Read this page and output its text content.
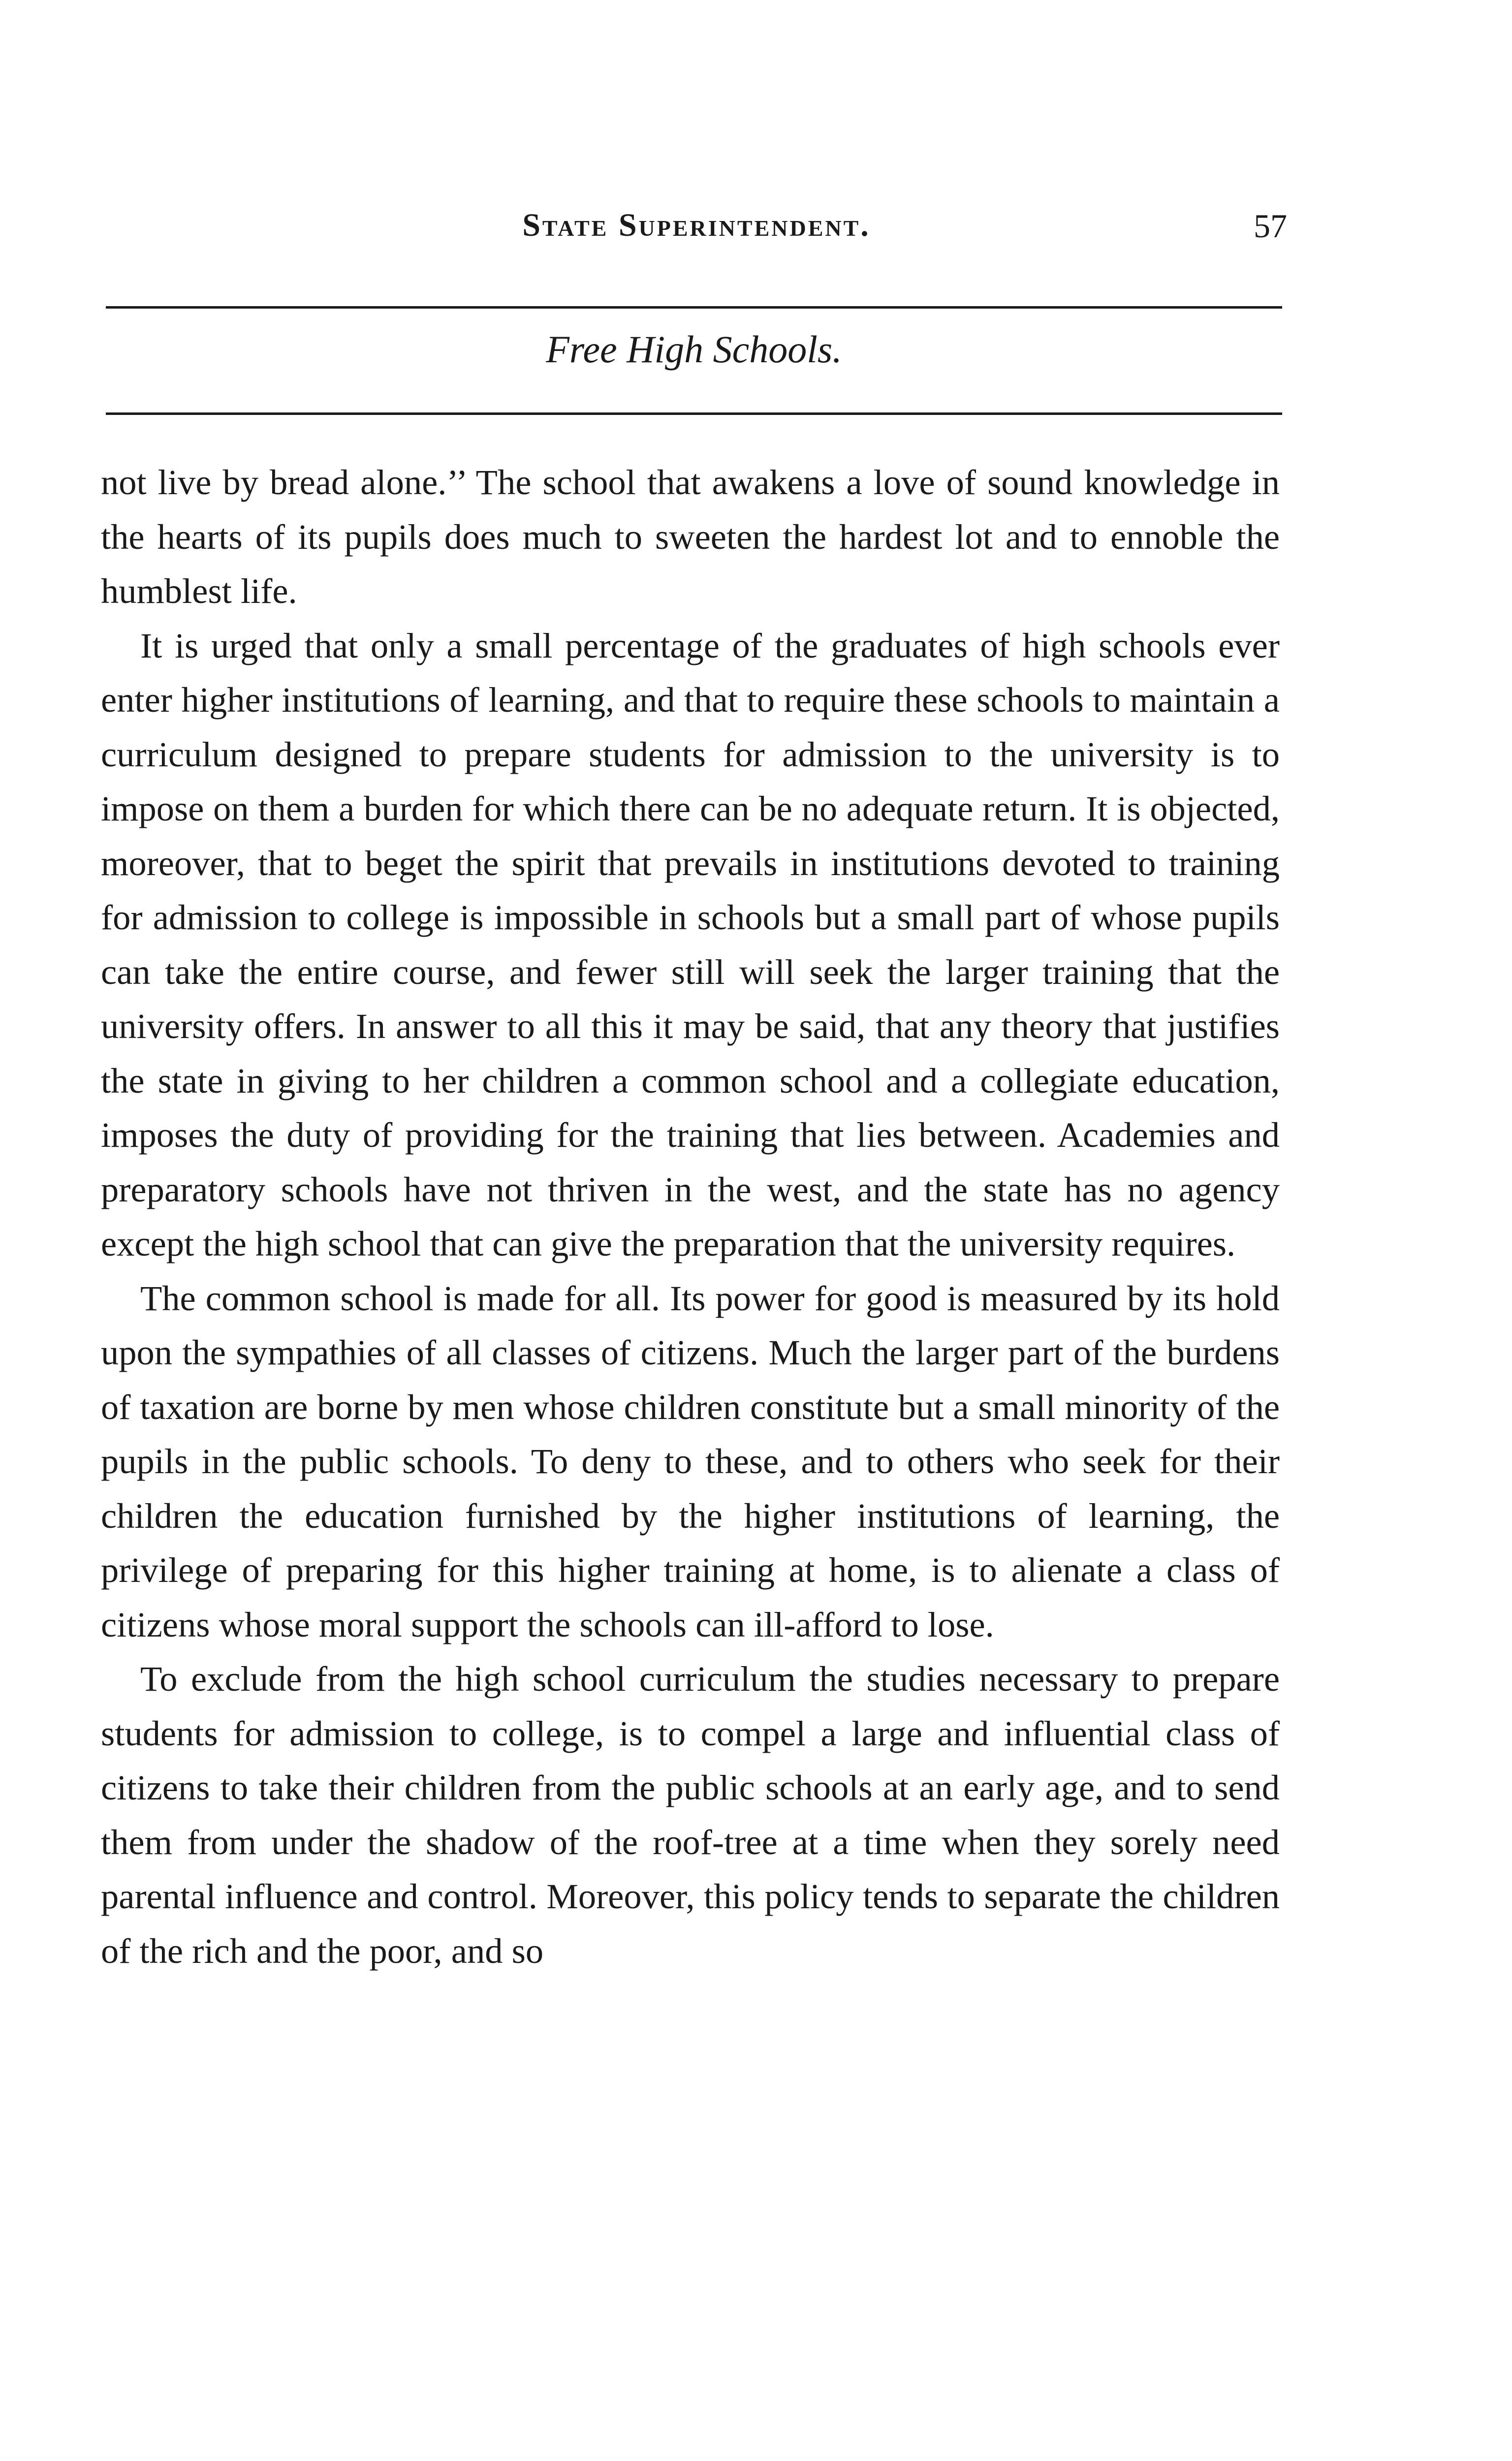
State Superintendent.	57
Free High Schools.

not live by bread alone.’’ The school that awakens a love of sound knowledge in the hearts of its pupils does much to sweeten the hardest lot and to ennoble the humblest life.

It is urged that only a small percentage of the graduates of high schools ever enter higher institutions of learning, and that to require these schools to maintain a curriculum designed to prepare students for admission to the university is to impose on them a burden for which there can be no adequate return. It is objected, moreover, that to beget the spirit that prevails in institutions devoted to training for admission to college is impossible in schools but a small part of whose pupils can take the entire course, and fewer still will seek the larger training that the university offers. In answer to all this it may be said, that any theory that justifies the state in giving to her children a common school and a collegiate education, imposes the duty of providing for the training that lies between. Academies and preparatory schools have not thriven in the west, and the state has no agency except the high school that can give the preparation that the university requires.

The common school is made for all. Its power for good is measured by its hold upon the sympathies of all classes of citizens. Much the larger part of the burdens of taxation are borne by men whose children constitute but a small minority of the pupils in the public schools. To deny to these, and to others who seek for their children the education furnished by the higher institutions of learning, the privilege of preparing for this higher training at home, is to alienate a class of citizens whose moral support the schools can ill-afford to lose.

To exclude from the high school curriculum the studies necessary to prepare students for admission to college, is to compel a large and influential class of citizens to take their children from the public schools at an early age, and to send them from under the shadow of the roof-tree at a time when they sorely need parental influence and control. Moreover, this policy tends to separate the children of the rich and the poor, and so
